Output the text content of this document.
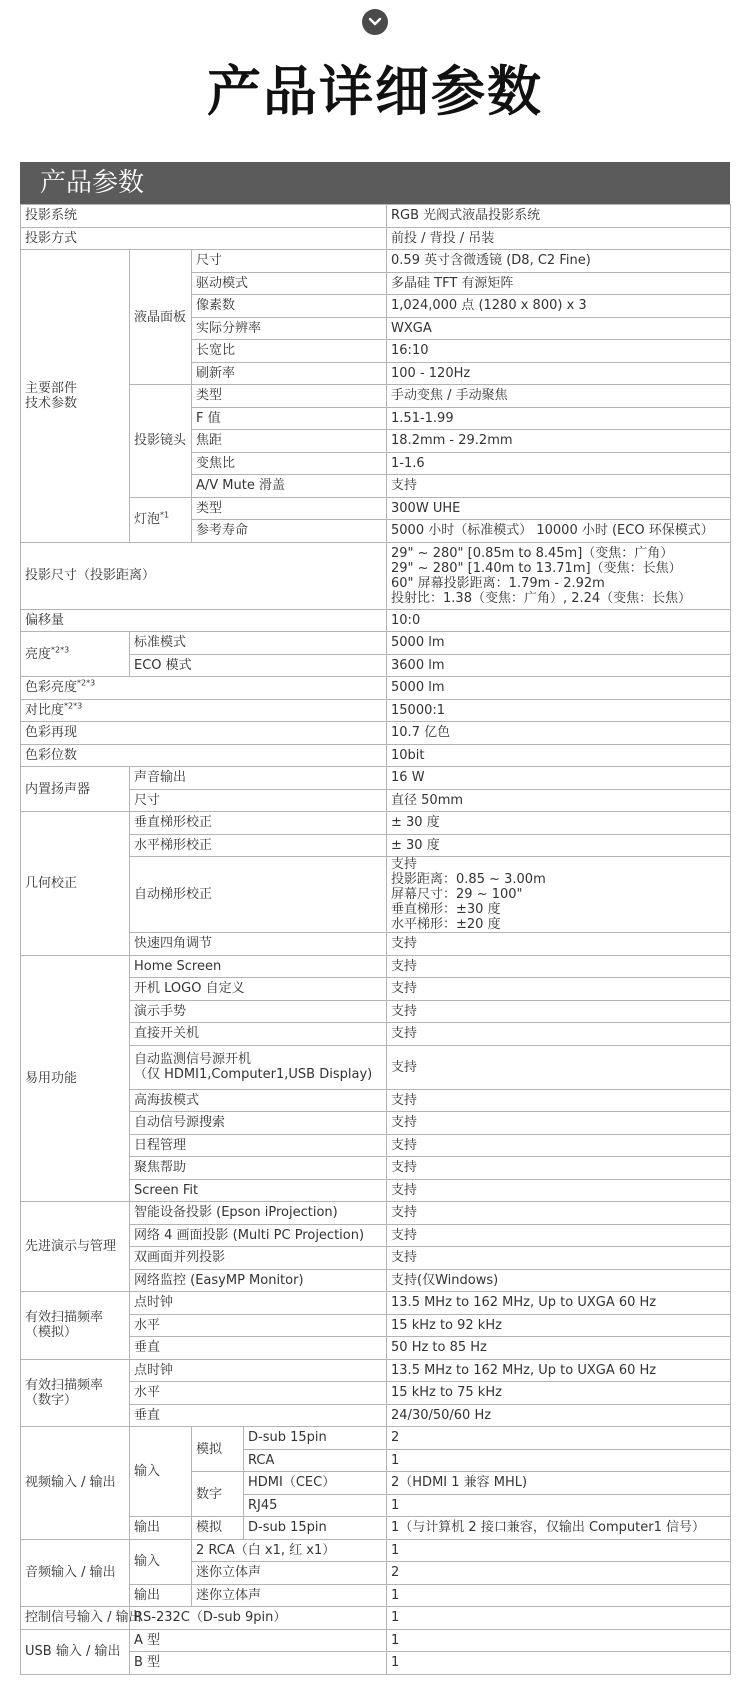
产品详细参数
产品参数
投影系统				RGB 光阀式液晶投影系统
投影方式				前投 / 背投 / 吊装

主要部件
技术参数	液晶面板	尺寸		0.59 英寸含微透镜 (D8, C2 Fine)
		驱动模式		多晶硅 TFT 有源矩阵
		像素数		1,024,000 点 (1280 x 800) x 3
		实际分辨率		WXGA
		长宽比		16:10
		刷新率		100 - 120Hz
	投影镜头	类型		手动变焦 / 手动聚焦
		F 值		1.51-1.99
		焦距		18.2mm - 29.2mm
		变焦比		1-1.6
		A/V Mute 滑盖		支持
	灯泡$^{*1}$	类型		300W UHE
		参考寿命		5000 小时（标准模式） 10000 小时 (ECO 环保模式）
投影尺寸（投影距离）				29" ~ 280" [0.85m to 8.45m]（变焦：广角）
29" ~ 280" [1.40m to 13.71m]（变焦：长焦）
60" 屏幕投影距离：1.79m - 2.92m
投射比：1.38（变焦：广角）, 2.24（变焦：长焦）

偏移量				10:0
亮度$^{*2*3}$	标准模式			5000 lm
	ECO 模式			3600 lm
色彩亮度$^{*2*3}$				5000 lm
对比度$^{*2*3}$				15000:1
色彩再现				10.7 亿色
色彩位数				10bit
内置扬声器	声音输出			16 W
	尺寸			直径 50mm
几何校正	垂直梯形校正			± 30 度
	水平梯形校正			± 30 度
	自动梯形校正			支持
投影距离：0.85 ~ 3.00m
屏幕尺寸：29 ~ 100"
垂直梯形：±30 度
水平梯形：±20 度

	快速四角调节			支持
易用功能	Home Screen			支持
	开机 LOGO 自定义			支持
	演示手势			支持
	直接开关机			支持

	自动监测信号源开机
（仅 HDMI1,Computer1,USB Display)			支持
	高海拔模式			支持
	自动信号源搜索			支持
	日程管理			支持
	聚焦帮助			支持
	Screen Fit			支持
先进演示与管理	智能设备投影 (Epson iProjection)			支持
	网络 4 画面投影 (Multi PC Projection)			支持
	双画面并列投影			支持
	网络监控 (EasyMP Monitor)			支持(仅Windows)

有效扫描频率
（模拟）	点时钟			13.5 MHz to 162 MHz, Up to UXGA 60 Hz
	水平			15 kHz to 92 kHz
	垂直			50 Hz to 85 Hz

有效扫描频率
（数字）	点时钟			13.5 MHz to 162 MHz, Up to UXGA 60 Hz
	水平			15 kHz to 75 kHz
	垂直			24/30/50/60 Hz
视频输入 / 输出	输入	模拟	D-sub 15pin	2
			RCA	1
		数字	HDMI（CEC）	2（HDMI 1 兼容 MHL)
			RJ45	1
	输出	模拟	D-sub 15pin	1（与计算机 2 接口兼容，仅输出 Computer1 信号）
音频输入 / 输出	输入	2 RCA（白 x1, 红 x1）		1
		迷你立体声		2
	输出	迷你立体声		1
控制信号输入 / 输出	RS-232C（D-sub 9pin）			1
USB 输入 / 输出	A 型			1
	B 型			1
